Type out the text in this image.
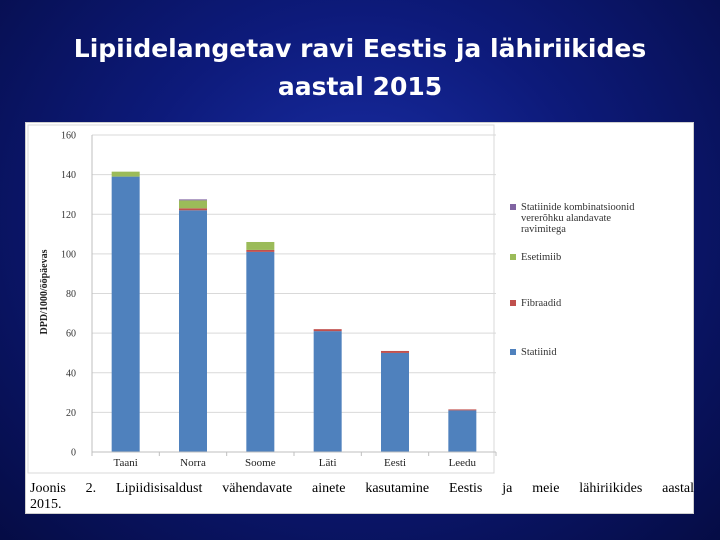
Lipiidelangetav ravi Eestis ja lähiriikides
aastal 2015
0
20
40
60
80
100
120
140
160
Taani	Norra	Soome	Läti	Eesti	Leedu
Statiinide kombinatsioonid
vererõhku alandavate
ravimitega
Esetimiib
Fibraadid
Statiinid
DPD/1000/ööpäevas
Joonis 2. Lipiidisisaldust vähendavate ainete kasutamine Eestis ja meie lähiriikides aastal
2015.
